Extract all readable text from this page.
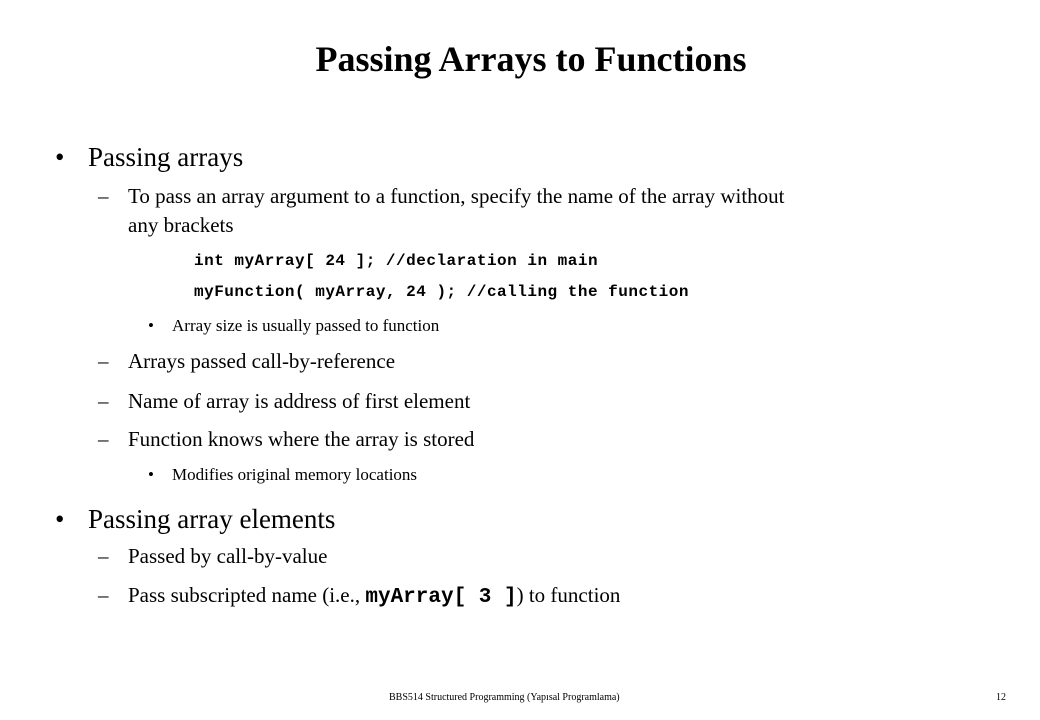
Passing Arrays to Functions
• Passing arrays
– To pass an array argument to a function, specify the name of the array without
any brackets
int myArray[ 24 ]; //declaration in main
myFunction( myArray, 24 ); //calling the function
• Array size is usually passed to function
– Arrays passed call-by-reference
– Name of array is address of first element
– Function knows where the array is stored
• Modifies original memory locations
• Passing array elements
– Passed by call-by-value
– Pass subscripted name (i.e., myArray[ 3 ]) to function
BBS514 Structured Programming (Yapısal Programlama)	12
